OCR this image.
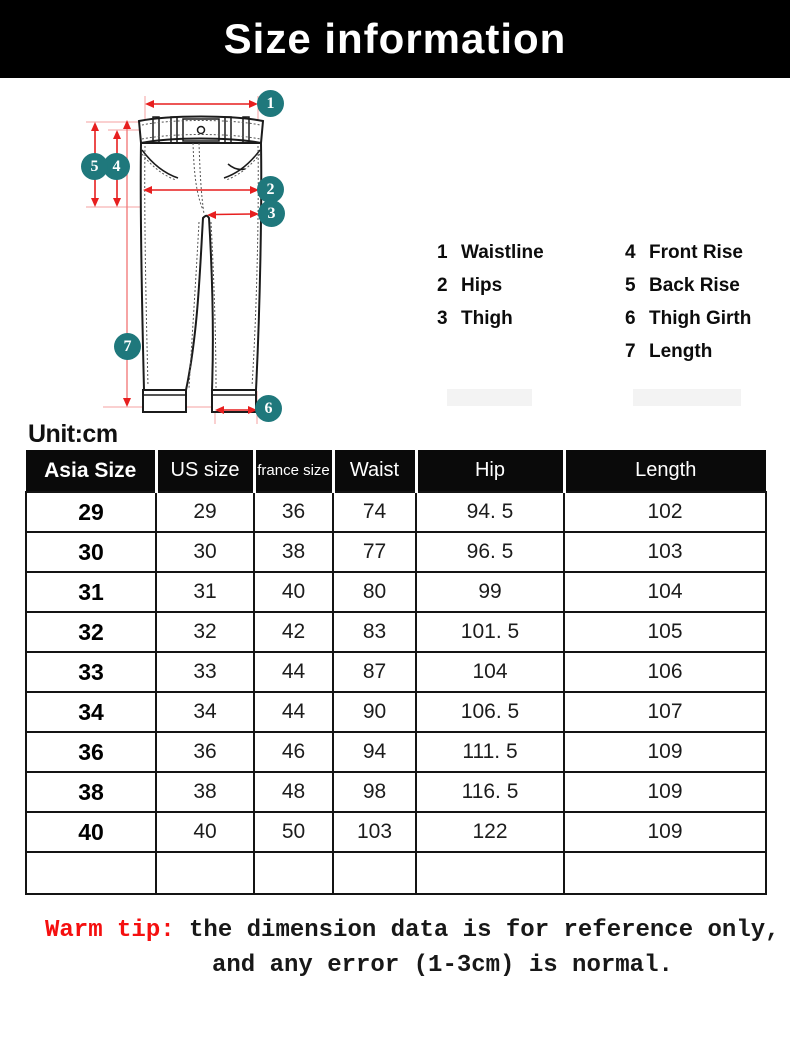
Size information
1
2
3
4
5
6
7
1 Waistline
2 Hips
3 Thigh
4 Front Rise
5 Back Rise
6 Thigh Girth
7 Length
Unit:cm
Asia Size	US size	france size	Waist	Hip	Length
29	29	36	74	94. 5	102
30	30	38	77	96. 5	103
31	31	40	80	99	104
32	32	42	83	101. 5	105
33	33	44	87	104	106
34	34	44	90	106. 5	107
36	36	46	94	111. 5	109
38	38	48	98	116. 5	109
40	40	50	103	122	109

Warm tip: the dimension data is for reference only,
and any error (1-3cm) is normal.
